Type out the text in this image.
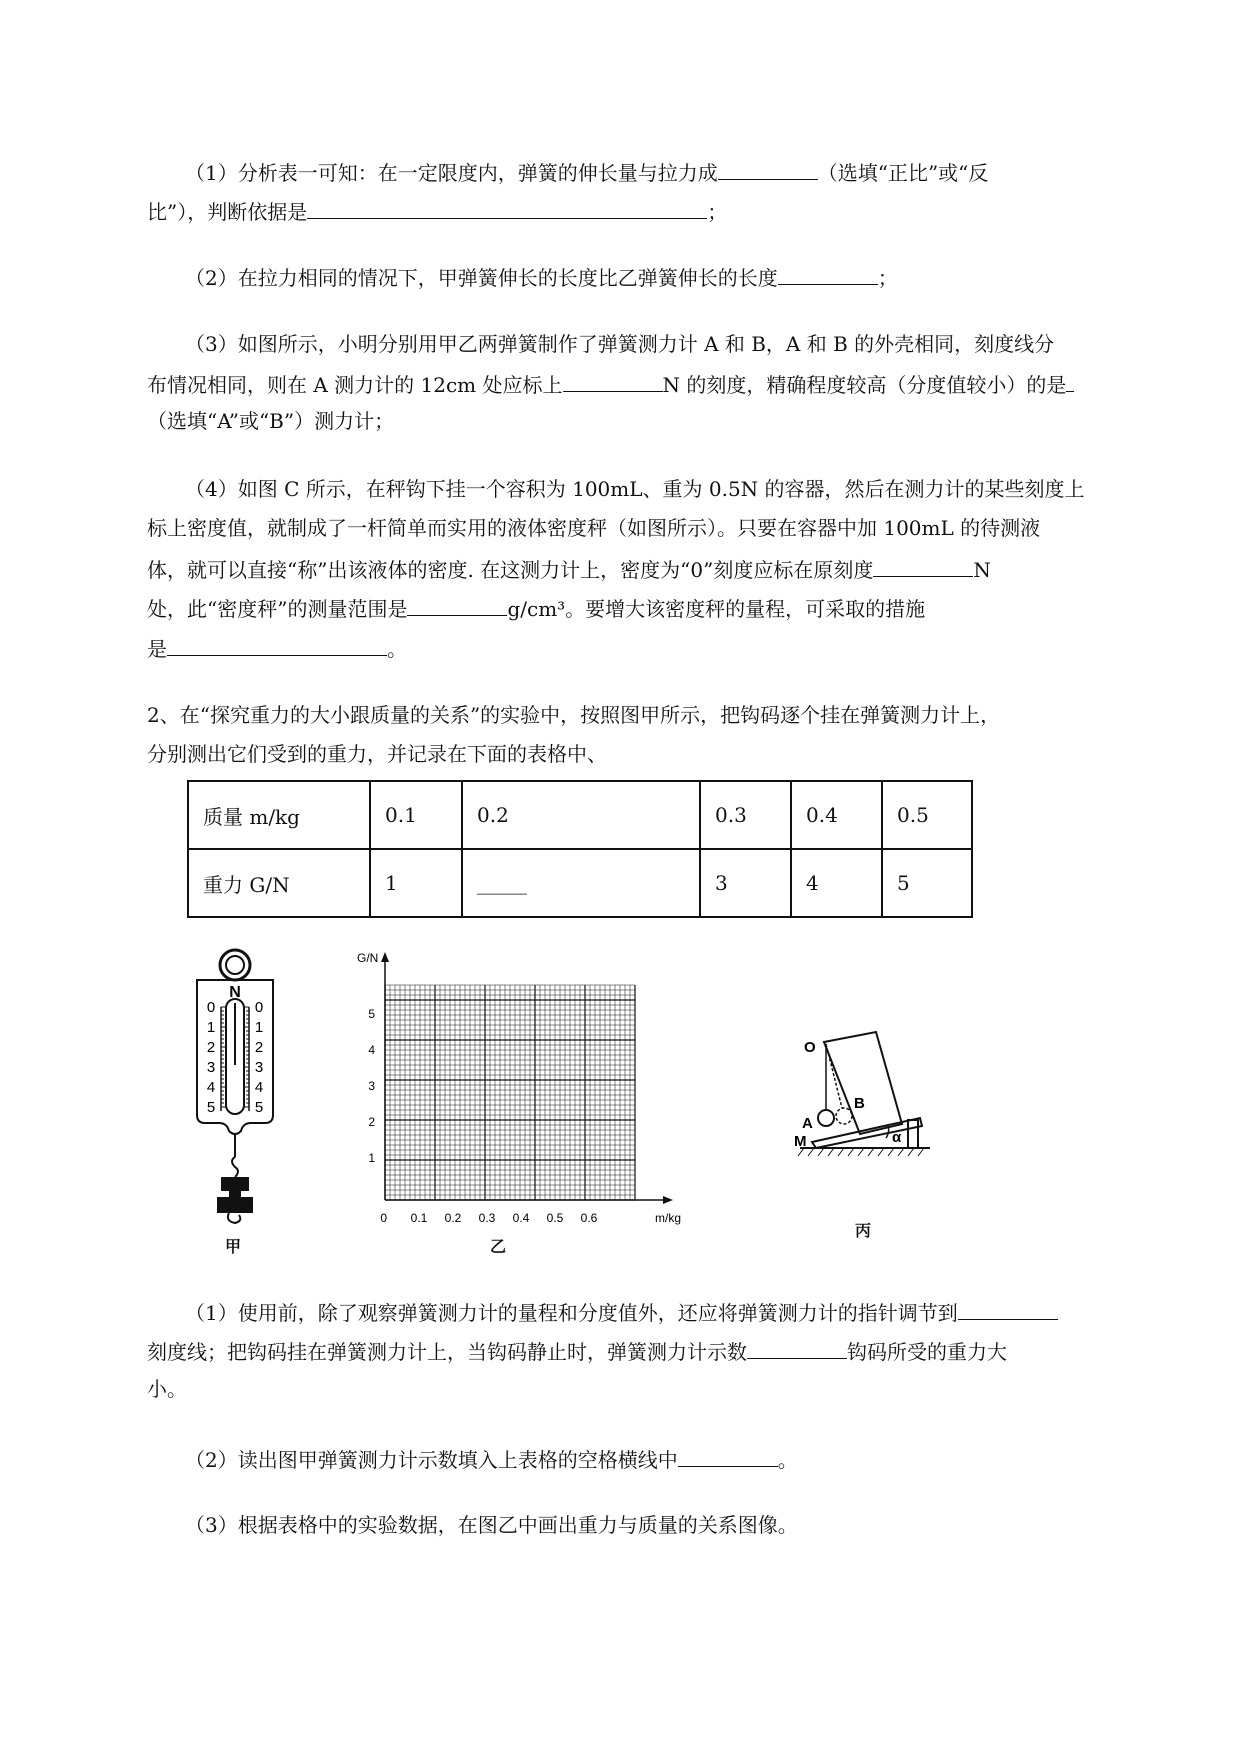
（1）分析表一可知：在一定限度内，弹簧的伸长量与拉力成	（选填“正比”或“反
比”），判断依据是	；
（2）在拉力相同的情况下，甲弹簧伸长的长度比乙弹簧伸长的长度	；
（3）如图所示，小明分别用甲乙两弹簧制作了弹簧测力计 A 和 B，A 和 B 的外壳相同，刻度线分
布情况相同，则在 A 测力计的 12cm 处应标上	N 的刻度，精确程度较高（分度值较小）的是
（选填“A”或“B”）测力计；
（4）如图 C 所示，在秤钩下挂一个容积为 100mL、重为 0.5N 的容器，然后在测力计的某些刻度上
标上密度值，就制成了一杆简单而实用的液体密度秤（如图所示）。只要在容器中加 100mL 的待测液
体，就可以直接“称”出该液体的密度. 在这测力计上，密度为“0”刻度应标在原刻度	N
处，此“密度秤”的测量范围是	g/cm³。要增大该密度秤的量程，可采取的措施
是	。
2、在“探究重力的大小跟质量的关系”的实验中，按照图甲所示，把钩码逐个挂在弹簧测力计上，
分别测出它们受到的重力，并记录在下面的表格中、
质量 m/kg	0.1	0.2	0.3	0.4	0.5
重力 G/N	1	_____	3	4	5
N
0
1
2
3
4
5
0
1
2
3
4
5
甲
G/N
m/kg
0
5
4
3
2
1
0.1 0.2 0.3 0.4 0.5 0.6
乙
O
A
B
M	α
丙
（1）使用前，除了观察弹簧测力计的量程和分度值外，还应将弹簧测力计的指针调节到
刻度线；把钩码挂在弹簧测力计上，当钩码静止时，弹簧测力计示数	钩码所受的重力大
小。
（2）读出图甲弹簧测力计示数填入上表格的空格横线中	。
（3）根据表格中的实验数据，在图乙中画出重力与质量的关系图像。
